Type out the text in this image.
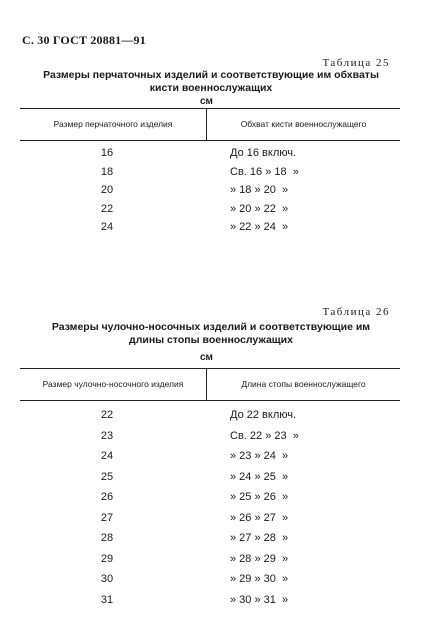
С. 30 ГОСТ 20881—91
Таблица 25
Размеры перчаточных изделий и соответствующие им обхваты кисти военнослужащих
см
Размер перчаточного изделия	Обхват кисти военнослужащего
16	До 16 включ.
18	Св. 16 » 18  »
20	» 18 » 20  »
22	» 20 » 22  »
24	» 22 » 24  »
Таблица 26
Размеры чулочно-носочных изделий и соответствующие им длины стопы военнослужащих
см
Размер чулочно-носочного изделия	Длина стопы военнослужащего
22	До 22 включ.
23	Св. 22 » 23  »
24	» 23 » 24  »
25	» 24 » 25  »
26	» 25 » 26  »
27	» 26 » 27  »
28	» 27 » 28  »
29	» 28 » 29  »
30	» 29 » 30  »
31	» 30 » 31  »
